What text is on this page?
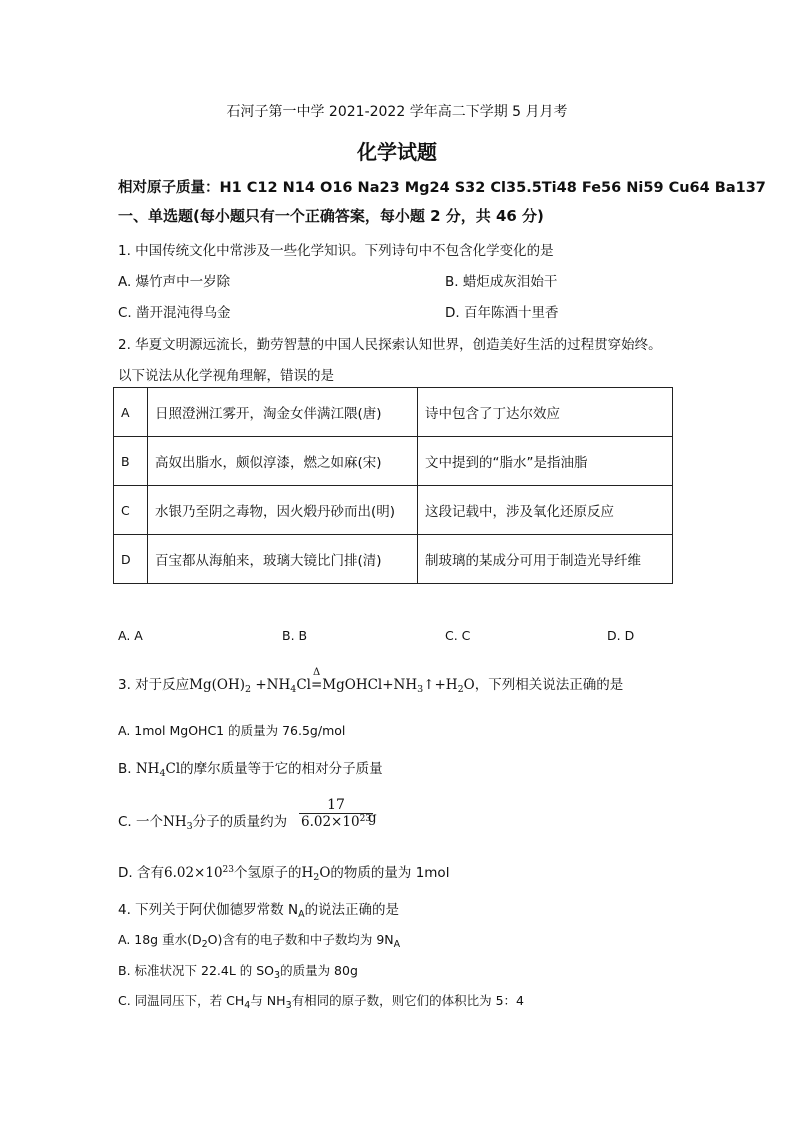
石河子第一中学 2021-2022 学年高二下学期 5 月月考
化学试题
相对原子质量：H1 C12 N14 O16 Na23 Mg24 S32 Cl35.5Ti48 Fe56 Ni59 Cu64 Ba137
一、单选题(每小题只有一个正确答案，每小题 2 分，共 46 分)
1. 中国传统文化中常涉及一些化学知识。下列诗句中不包含化学变化的是
A. 爆竹声中一岁除	B. 蜡炬成灰泪始干
C. 凿开混沌得乌金	D. 百年陈酒十里香
2. 华夏文明源远流长，勤劳智慧的中国人民探索认知世界，创造美好生活的过程贯穿始终。
以下说法从化学视角理解，错误的是
A	日照澄洲江雾开，淘金女伴满江隈(唐)	诗中包含了丁达尔效应
B	高奴出脂水，颇似淳漆，燃之如麻(宋)	文中提到的“脂水”是指油脂
C	水银乃至阴之毒物，因火煅丹砂而出(明)	这段记载中，涉及氧化还原反应
D	百宝都从海舶来，玻璃大镜比门排(清)	制玻璃的某成分可用于制造光导纤维
A. A	B. B	C. C	D. D
3. 对于反应$Mg(OH)_2 +NH_4Cl$
Δ
$=MgOHCl+NH_3↑+H_2O$，下列相关说法正确的是
A. 1mol MgOHC1 的质量为 76.5g/mol
B. $NH_4Cl$的摩尔质量等于它的相对分子质量
C. 一个$NH_3$分子的质量约为 $\frac{17}{6.02\times 10^{23}}$
g
D. 含有$6.02\times 10^{23}$个氢原子的$H_2O$的物质的量为 1mol
4. 下列关于阿伏伽德罗常数 $N_A$的说法正确的是
A. 18g 重水$(D_2O)$含有的电子数和中子数均为 $9N_A$
B. 标准状况下 22.4L 的 $SO_3$的质量为 80g
C. 同温同压下，若 $CH_4$与 $NH_3$有相同的原子数，则它们的体积比为 5：4
